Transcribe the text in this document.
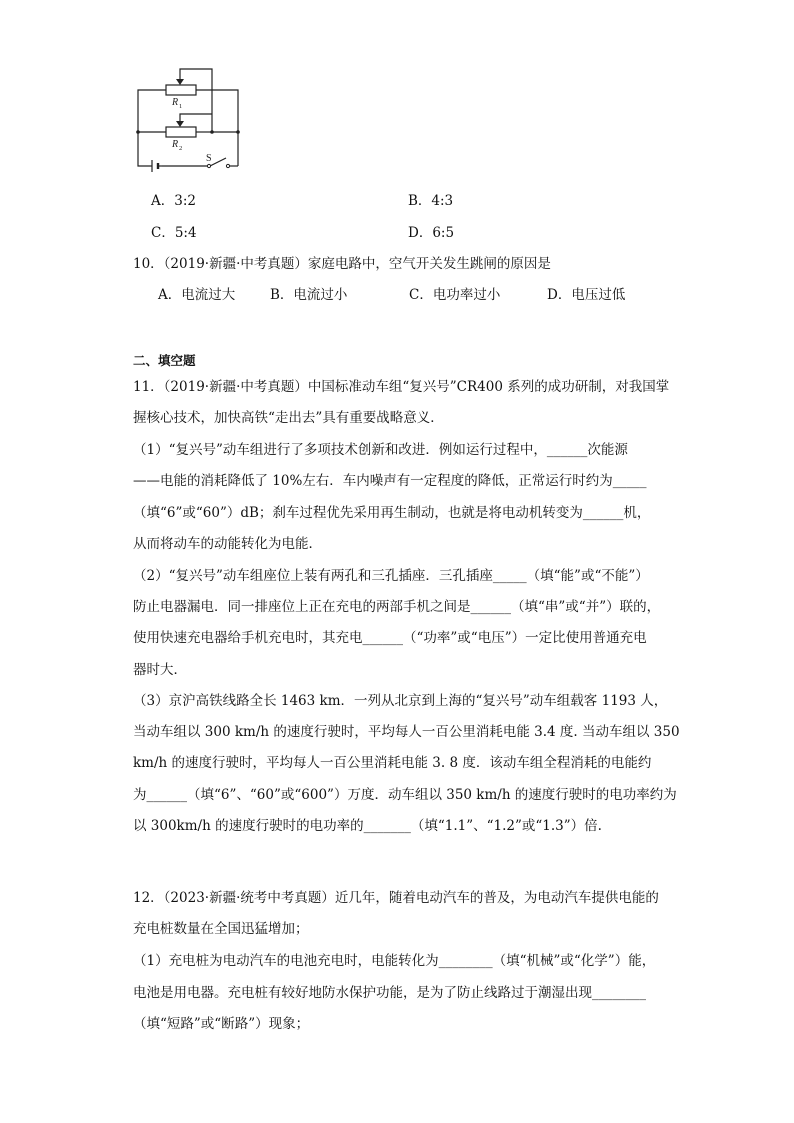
R 1
R 2
S
A．3:2	B．4:3
C．5:4	D．6:5
10．（2019·新疆·中考真题）家庭电路中，空气开关发生跳闸的原因是
A．电流过大	B．电流过小	C．电功率过小	D．电压过低
二、填空题
11．（2019·新疆·中考真题）中国标准动车组“复兴号”CR400 系列的成功研制，对我国掌
握核心技术，加快高铁“走出去”具有重要战略意义．
（1）“复兴号”动车组进行了多项技术创新和改进．例如运行过程中，______次能源
——电能的消耗降低了 10%左右．车内噪声有一定程度的降低，正常运行时约为_____
（填“6”或“60”）dB；刹车过程优先采用再生制动，也就是将电动机转变为______机，
从而将动车的动能转化为电能．
（2）“复兴号”动车组座位上装有两孔和三孔插座．三孔插座_____（填“能”或“不能”）
防止电器漏电．同一排座位上正在充电的两部手机之间是______（填“串”或“并”）联的，
使用快速充电器给手机充电时，其充电______（“功率”或“电压”）一定比使用普通充电
器时大．
（3）京沪高铁线路全长 1463 km．一列从北京到上海的“复兴号”动车组载客 1193 人，
当动车组以 300 km/h 的速度行驶时，平均每人一百公里消耗电能 3.4 度. 当动车组以 350
km/h 的速度行驶时，平均每人一百公里消耗电能 3. 8 度．该动车组全程消耗的电能约
为______（填“6”、“60”或“600”）万度．动车组以 350 km/h 的速度行驶时的电功率约为
以 300km/h 的速度行驶时的电功率的_______（填“1.1”、“1.2”或“1.3”）倍.
12．（2023·新疆·统考中考真题）近几年，随着电动汽车的普及，为电动汽车提供电能的
充电桩数量在全国迅猛增加；
（1）充电桩为电动汽车的电池充电时，电能转化为________（填“机械”或“化学”）能，
电池是用电器。充电桩有较好地防水保护功能，是为了防止线路过于潮湿出现________
（填“短路”或“断路”）现象；
